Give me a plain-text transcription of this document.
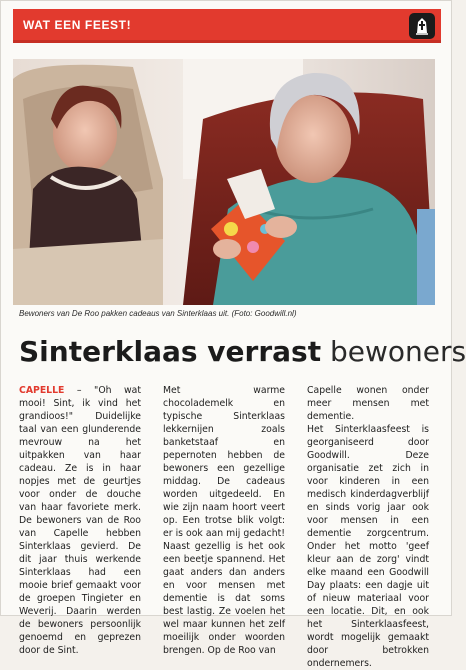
WAT EEN FEEST!
Bewoners van De Roo pakken cadeaus van Sinterklaas uit. (Foto: Goodwill.nl)
Sinterklaas verrast bewoners

CAPELLE – "Oh wat mooi! Sint, ik vind het grandioos!" Duidelijke taal van een glunderende mevrouw na het uitpakken van haar cadeau. Ze is in haar nopjes met de geurtjes voor onder de douche van haar favoriete merk. De bewoners van de Roo van Capelle hebben Sinterklaas gevierd. De dit jaar thuis werkende Sinterklaas had een mooie brief gemaakt voor de groepen Tingieter en Weverij. Daarin werden de bewoners persoonlijk genoemd en geprezen door de Sint.

Met warme chocolademelk en typische Sinterklaas lekkernijen zoals banketstaaf en pepernoten hebben de bewoners een gezellige middag. De cadeaus worden uitgedeeld. En wie zijn naam hoort veert op. Een trotse blik volgt: er is ook aan mij gedacht! Naast gezellig is het ook een beetje spannend. Het gaat anders dan anders en voor mensen met dementie is dat soms best lastig. Ze voelen het wel maar kunnen het zelf moeilijk onder woorden brengen. Op de Roo van

Capelle wonen onder meer mensen met dementie.

Het Sinterklaasfeest is georganiseerd door Goodwill. Deze organisatie zet zich in voor kinderen in een medisch kinderdagverblijf en sinds vorig jaar ook voor mensen in een dementie zorgcentrum. Onder het motto 'geef kleur aan de zorg' vindt elke maand een Goodwill Day plaats: een dagje uit of nieuw materiaal voor een locatie. Dit, en ook het Sinterklaasfeest, wordt mogelijk gemaakt door betrokken ondernemers.
